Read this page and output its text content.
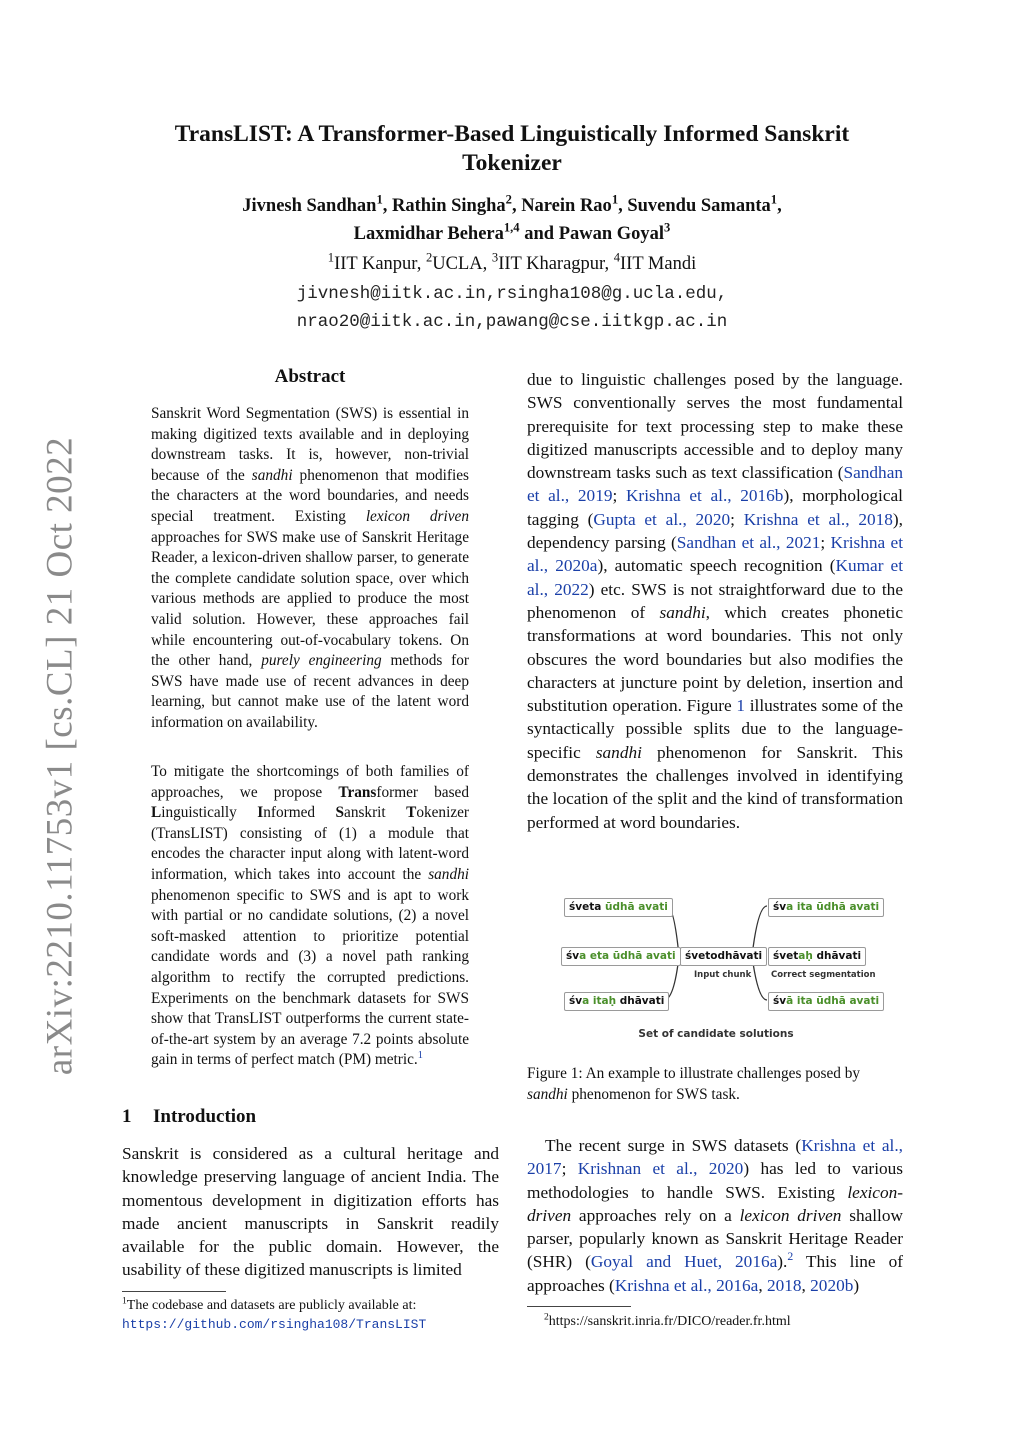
arXiv:2210.11753v1 [cs.CL] 21 Oct 2022
TransLIST: A Transformer-Based Linguistically Informed Sanskrit Tokenizer
Jivnesh Sandhan$^1$, Rathin Singha$^2$, Narein Rao$^1$, Suvendu Samanta$^1$,
Laxmidhar Behera$^{1,4}$ and Pawan Goyal$^3$
$^1$IIT Kanpur, $^2$UCLA, $^3$IIT Kharagpur, $^4$IIT Mandi
jivnesh@iitk.ac.in,rsingha108@g.ucla.edu,
nrao20@iitk.ac.in,pawang@cse.iitkgp.ac.in
Abstract

Sanskrit Word Segmentation (SWS) is essential in making digitized texts available and in deploying downstream tasks. It is, however, non-trivial because of the sandhi phenomenon that modifies the characters at the word boundaries, and needs special treatment. Existing lexicon driven approaches for SWS make use of Sanskrit Heritage Reader, a lexicon-driven shallow parser, to generate the complete candidate solution space, over which various methods are applied to produce the most valid solution. However, these approaches fail while encountering out-of-vocabulary tokens. On the other hand, purely engineering methods for SWS have made use of recent advances in deep learning, but cannot make use of the latent word information on availability.

To mitigate the shortcomings of both families of approaches, we propose Transformer based Linguistically Informed Sanskrit Tokenizer (TransLIST) consisting of (1) a module that encodes the character input along with latent-word information, which takes into account the sandhi phenomenon specific to SWS and is apt to work with partial or no candidate solutions, (2) a novel soft-masked attention to prioritize potential candidate words and (3) a novel path ranking algorithm to rectify the corrupted predictions. Experiments on the benchmark datasets for SWS show that TransLIST outperforms the current state-of-the-art system by an average 7.2 points absolute gain in terms of perfect match (PM) metric.$^1$

1 Introduction

Sanskrit is considered as a cultural heritage and knowledge preserving language of ancient India. The momentous development in digitization efforts has made ancient manuscripts in Sanskrit readily available for the public domain. However, the usability of these digitized manuscripts is limited

$^1$The codebase and datasets are publicly available at:
https://github.com/rsingha108/TransLIST

due to linguistic challenges posed by the language. SWS conventionally serves the most fundamental prerequisite for text processing step to make these digitized manuscripts accessible and to deploy many downstream tasks such as text classification (Sandhan et al., 2019; Krishna et al., 2016b), morphological tagging (Gupta et al., 2020; Krishna et al., 2018), dependency parsing (Sandhan et al., 2021; Krishna et al., 2020a), automatic speech recognition (Kumar et al., 2022) etc. SWS is not straightforward due to the phenomenon of sandhi, which creates phonetic transformations at word boundaries. This not only obscures the word boundaries but also modifies the characters at juncture point by deletion, insertion and substitution operation. Figure 1 illustrates some of the syntactically possible splits due to the language-specific sandhi phenomenon for Sanskrit. This demonstrates the challenges involved in identifying the location of the split and the kind of transformation performed at word boundaries.

śveta ūdhā avati
śva eta ūdhā avati
śva itaḥ dhāvati
śvetodhāvati
Input chunk
śva ita ūdhā avati
śvetaḥ dhāvati
Correct segmentation
śvā ita ūdhā avati
Set of candidate solutions
Figure 1: An example to illustrate challenges posed by sandhi phenomenon for SWS task.

The recent surge in SWS datasets (Krishna et al., 2017; Krishnan et al., 2020) has led to various methodologies to handle SWS. Existing lexicon-driven approaches rely on a lexicon driven shallow parser, popularly known as Sanskrit Heritage Reader (SHR) (Goyal and Huet, 2016a).$^2$ This line of approaches (Krishna et al., 2016a, 2018, 2020b)

$^2$https://sanskrit.inria.fr/DICO/reader.fr.html
